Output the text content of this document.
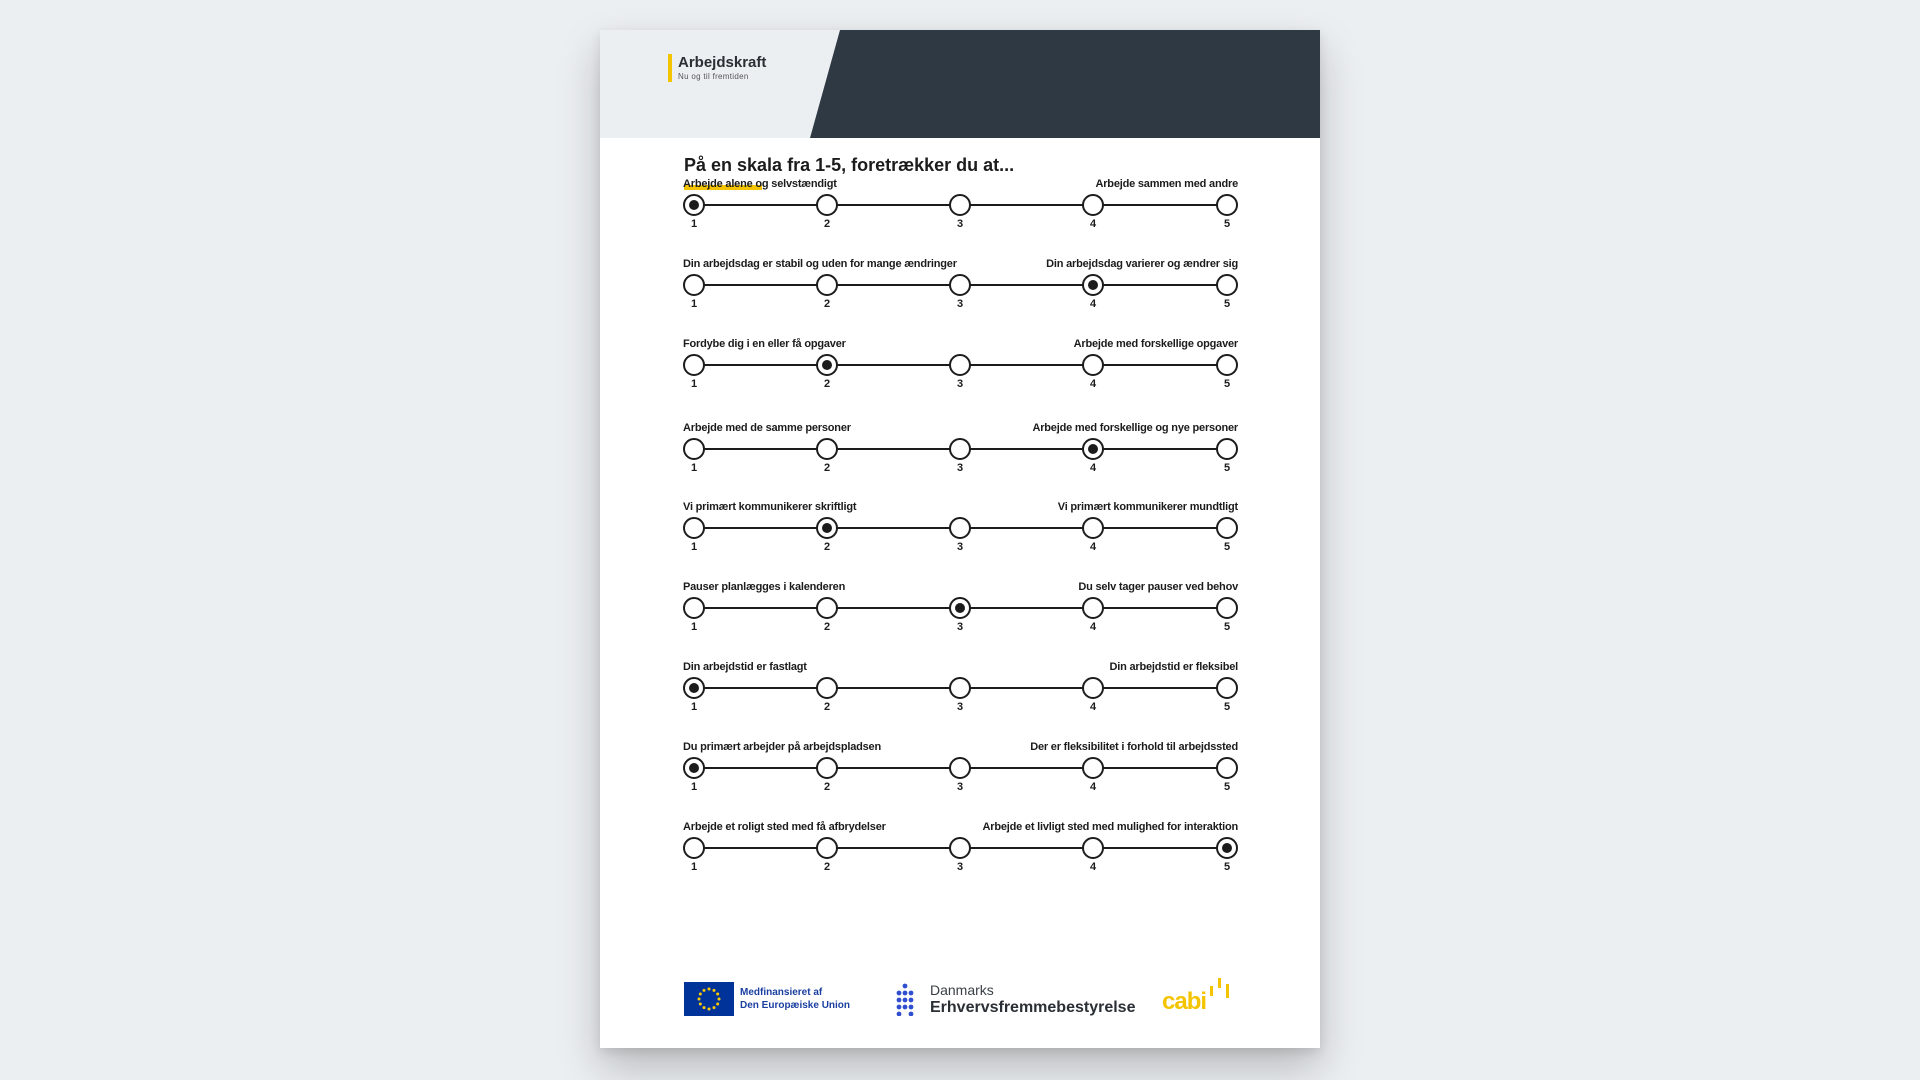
Arbejdskraft
Nu og til fremtiden
På en skala fra 1-5, foretrækker du at...
Arbejde alene og selvstændigt	Arbejde sammen med andre
1	2	3	4	5
Din arbejdsdag er stabil og uden for mange ændringer	Din arbejdsdag varierer og ændrer sig
1	2	3	4	5
Fordybe dig i en eller få opgaver	Arbejde med forskellige opgaver
1	2	3	4	5
Arbejde med de samme personer	Arbejde med forskellige og nye personer
1	2	3	4	5
Vi primært kommunikerer skriftligt	Vi primært kommunikerer mundtligt
1	2	3	4	5
Pauser planlægges i kalenderen	Du selv tager pauser ved behov
1	2	3	4	5
Din arbejdstid er fastlagt	Din arbejdstid er fleksibel
1	2	3	4	5
Du primært arbejder på arbejdspladsen	Der er fleksibilitet i forhold til arbejdssted
1	2	3	4	5
Arbejde et roligt sted med få afbrydelser	Arbejde et livligt sted med mulighed for interaktion
1	2	3	4	5
Medfinansieret af
Den Europæiske Union
Danmarks
Erhvervsfremmebestyrelse cabi
